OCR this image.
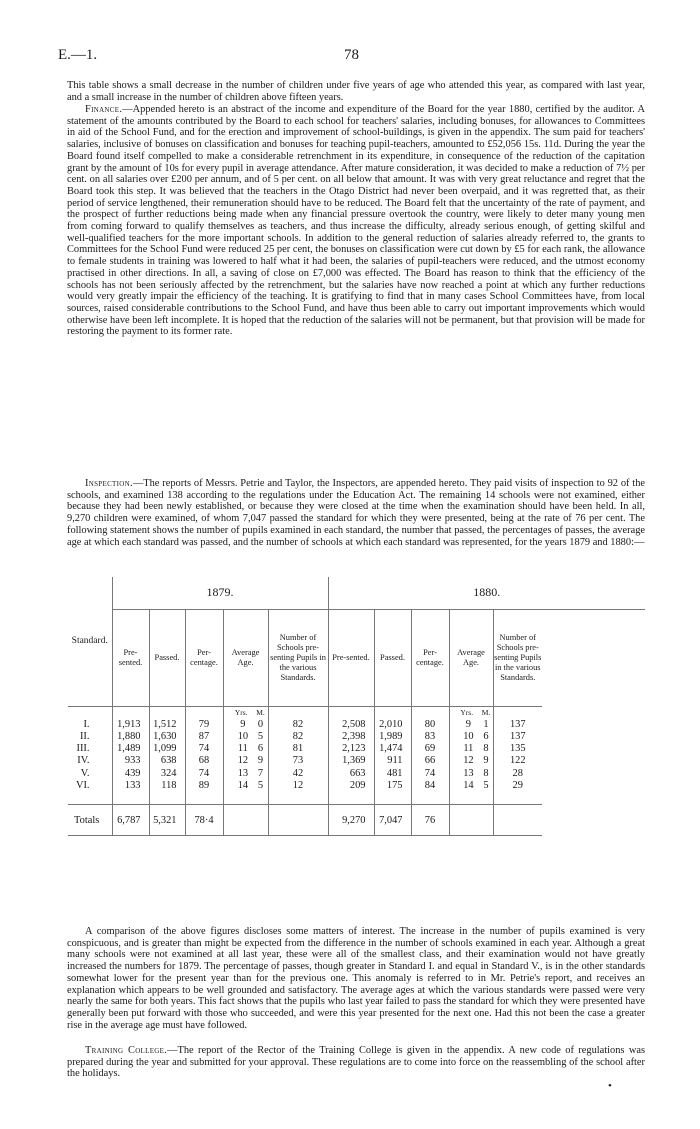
E.—1.	78

This table shows a small decrease in the number of children under five years of age who attended this year, as compared with last year, and a small increase in the number of children above fifteen years.

Finance.—Appended hereto is an abstract of the income and expenditure of the Board for the year 1880, certified by the auditor. A statement of the amounts contributed by the Board to each school for teachers' salaries, including bonuses, for allowances to Committees in aid of the School Fund, and for the erection and improvement of school-buildings, is given in the appendix. The sum paid for teachers' salaries, inclusive of bonuses on classification and bonuses for teaching pupil-teachers, amounted to £52,056 15s. 11d. During the year the Board found itself compelled to make a considerable retrenchment in its expenditure, in consequence of the reduction of the capitation grant by the amount of 10s for every pupil in average attendance. After mature consideration, it was decided to make a reduction of 7½ per cent. on all salaries over £200 per annum, and of 5 per cent. on all below that amount. It was with very great reluctance and regret that the Board took this step. It was believed that the teachers in the Otago District had never been overpaid, and it was regretted that, as their period of service lengthened, their remuneration should have to be reduced. The Board felt that the uncertainty of the rate of payment, and the prospect of further reductions being made when any financial pressure overtook the country, were likely to deter many young men from coming forward to qualify themselves as teachers, and thus increase the difficulty, already serious enough, of getting skilful and well-qualified teachers for the more important schools. In addition to the general reduction of salaries already referred to, the grants to Committees for the School Fund were reduced 25 per cent, the bonuses on classification were cut down by £5 for each rank, the allowance to female students in training was lowered to half what it had been, the salaries of pupil-teachers were reduced, and the utmost economy practised in other directions. In all, a saving of close on £7,000 was effected. The Board has reason to think that the efficiency of the schools has not been seriously affected by the retrenchment, but the salaries have now reached a point at which any further reductions would very greatly impair the efficiency of the teaching. It is gratifying to find that in many cases School Committees have, from local sources, raised considerable contributions to the School Fund, and have thus been able to carry out important improvements which would otherwise have been left incomplete. It is hoped that the reduction of the salaries will not be permanent, but that provision will be made for restoring the payment to its former rate.

Inspection.—The reports of Messrs. Petrie and Taylor, the Inspectors, are appended hereto. They paid visits of inspection to 92 of the schools, and examined 138 according to the regulations under the Education Act. The remaining 14 schools were not examined, either because they had been newly established, or because they were closed at the time when the examination should have been held. In all, 9,270 children were examined, of whom 7,047 passed the standard for which they were presented, being at the rate of 76 per cent. The following statement shows the number of pupils examined in each standard, the number that passed, the percentages of passes, the average age at which each standard was passed, and the number of schools at which each standard was represented, for the years 1879 and 1880:—

Standard.	1879.					1880.				
	Pre-sented.	Passed.	Per-centage.	Average Age.	Number of Schools pre-senting Pupils in the various Standards.	Pre-sented.	Passed.	Per-centage.	Average Age.	Number of Schools pre-senting Pupils in the various Standards.
				Yrs. M.					Yrs. M.	
I.	1,913	1,512	79	9 0	82	2,508	2,010	80	9 1	137
II.	1,880	1,630	87	10 5	82	2,398	1,989	83	10 6	137
III.	1,489	1,099	74	11 6	81	2,123	1,474	69	11 8	135
IV.	933	638	68	12 9	73	1,369	911	66	12 9	122
V.	439	324	74	13 7	42	663	481	74	13 8	28
VI.	133	118	89	14 5	12	209	175	84	14 5	29

Totals	6,787	5,321	78·4			9,270	7,047	76		

A comparison of the above figures discloses some matters of interest. The increase in the number of pupils examined is very conspicuous, and is greater than might be expected from the difference in the number of schools examined in each year. Although a great many schools were not examined at all last year, these were all of the smallest class, and their examination would not have greatly increased the numbers for 1879. The percentage of passes, though greater in Standard I. and equal in Standard V., is in the other standards somewhat lower for the present year than for the previous one. This anomaly is referred to in Mr. Petrie's report, and receives an explanation which appears to be well grounded and satisfactory. The average ages at which the various standards were passed were very nearly the same for both years. This fact shows that the pupils who last year failed to pass the standard for which they were presented have generally been put forward with those who succeeded, and were this year presented for the next one. Had this not been the case a greater rise in the average age must have followed.

Training College.—The report of the Rector of the Training College is given in the appendix. A new code of regulations was prepared during the year and submitted for your approval. These regulations are to come into force on the reassembling of the school after the holidays.

•
